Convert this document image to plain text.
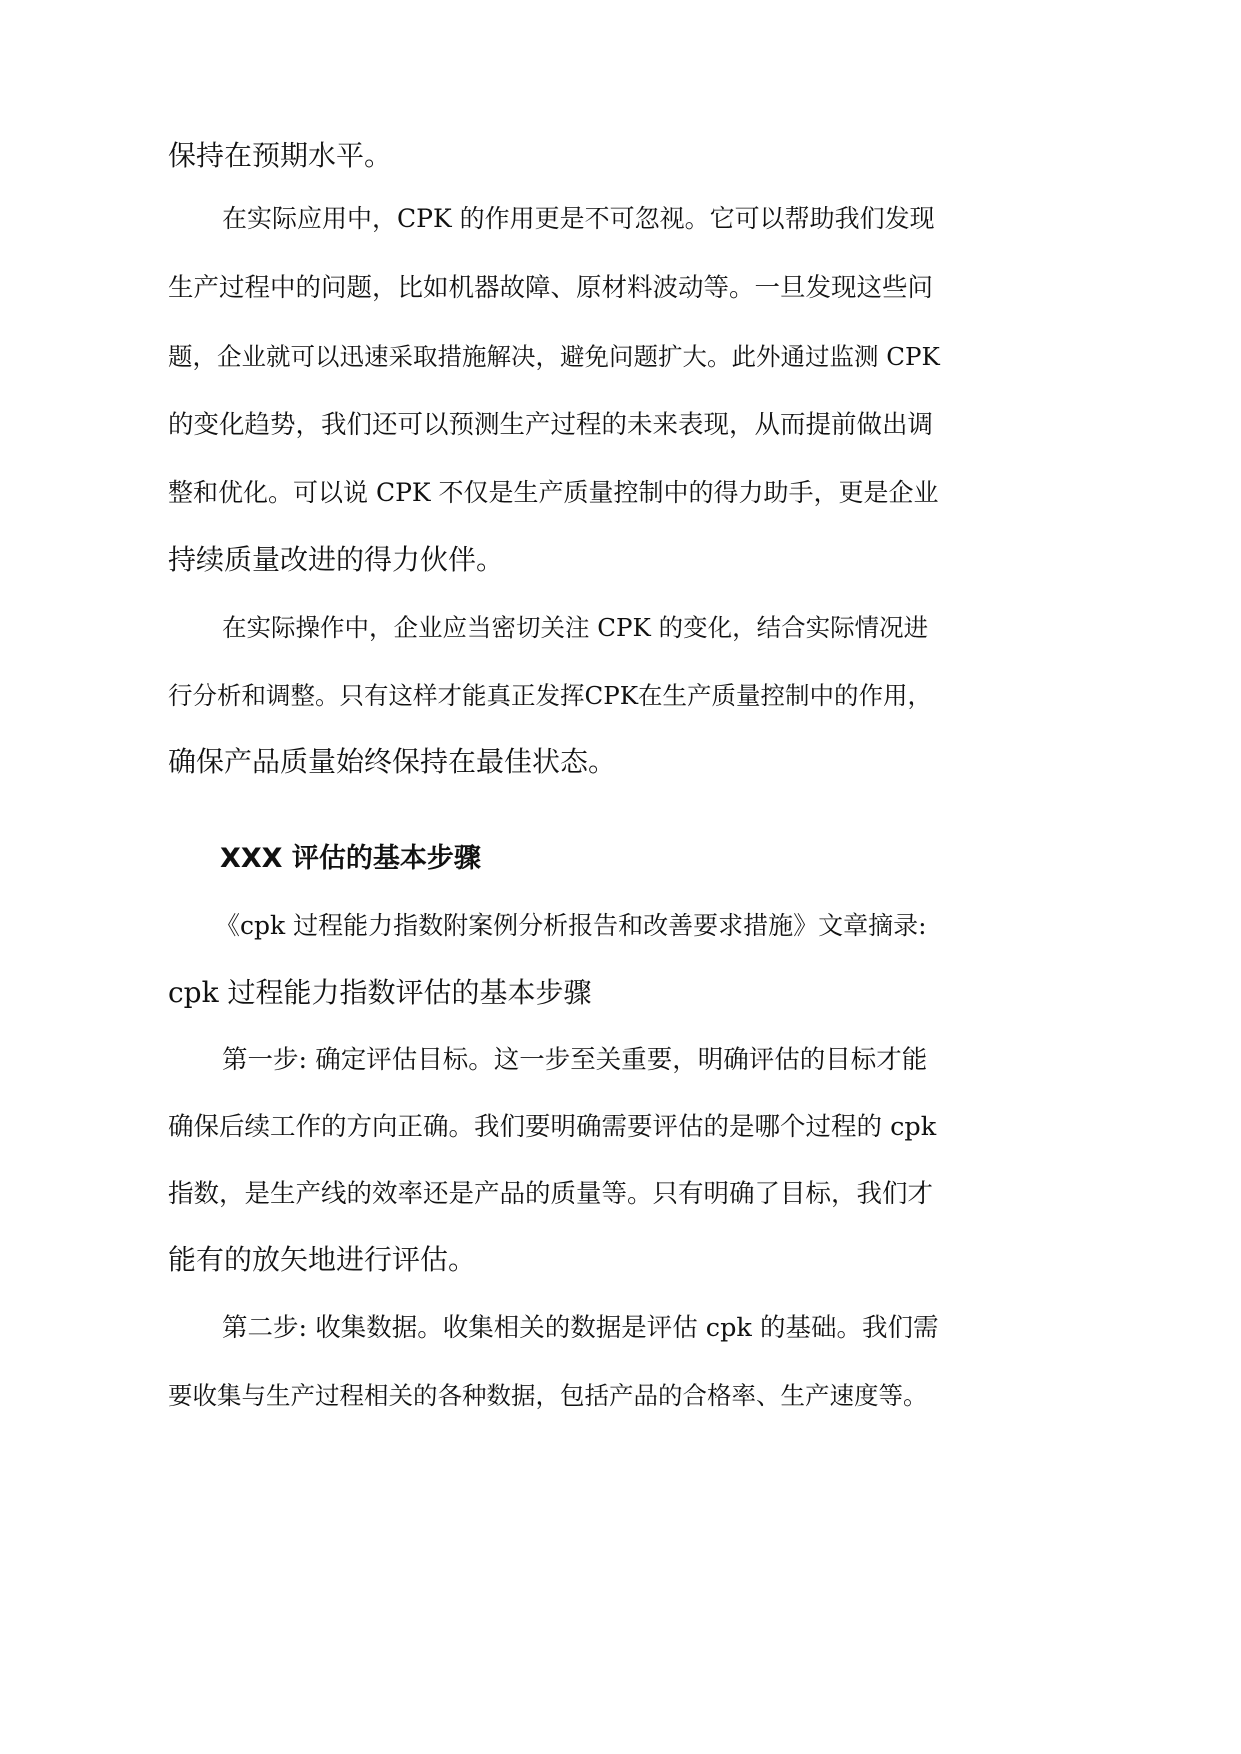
保持在预期水平。
在实际应用中，CPK 的作用更是不可忽视。它可以帮助我们发现
生产过程中的问题，比如机器故障、原材料波动等。一旦发现这些问
题，企业就可以迅速采取措施解决，避免问题扩大。此外通过监测 CPK
的变化趋势，我们还可以预测生产过程的未来表现，从而提前做出调
整和优化。可以说 CPK 不仅是生产质量控制中的得力助手，更是企业
持续质量改进的得力伙伴。
在实际操作中，企业应当密切关注 CPK 的变化，结合实际情况进
行分析和调整。只有这样才能真正发挥CPK在生产质量控制中的作用，
确保产品质量始终保持在最佳状态。
XXX 评估的基本步骤
《cpk 过程能力指数附案例分析报告和改善要求措施》文章摘录:
cpk 过程能力指数评估的基本步骤
第一步: 确定评估目标。这一步至关重要，明确评估的目标才能
确保后续工作的方向正确。我们要明确需要评估的是哪个过程的 cpk
指数，是生产线的效率还是产品的质量等。只有明确了目标，我们才
能有的放矢地进行评估。
第二步: 收集数据。收集相关的数据是评估 cpk 的基础。我们需
要收集与生产过程相关的各种数据，包括产品的合格率、生产速度等。
